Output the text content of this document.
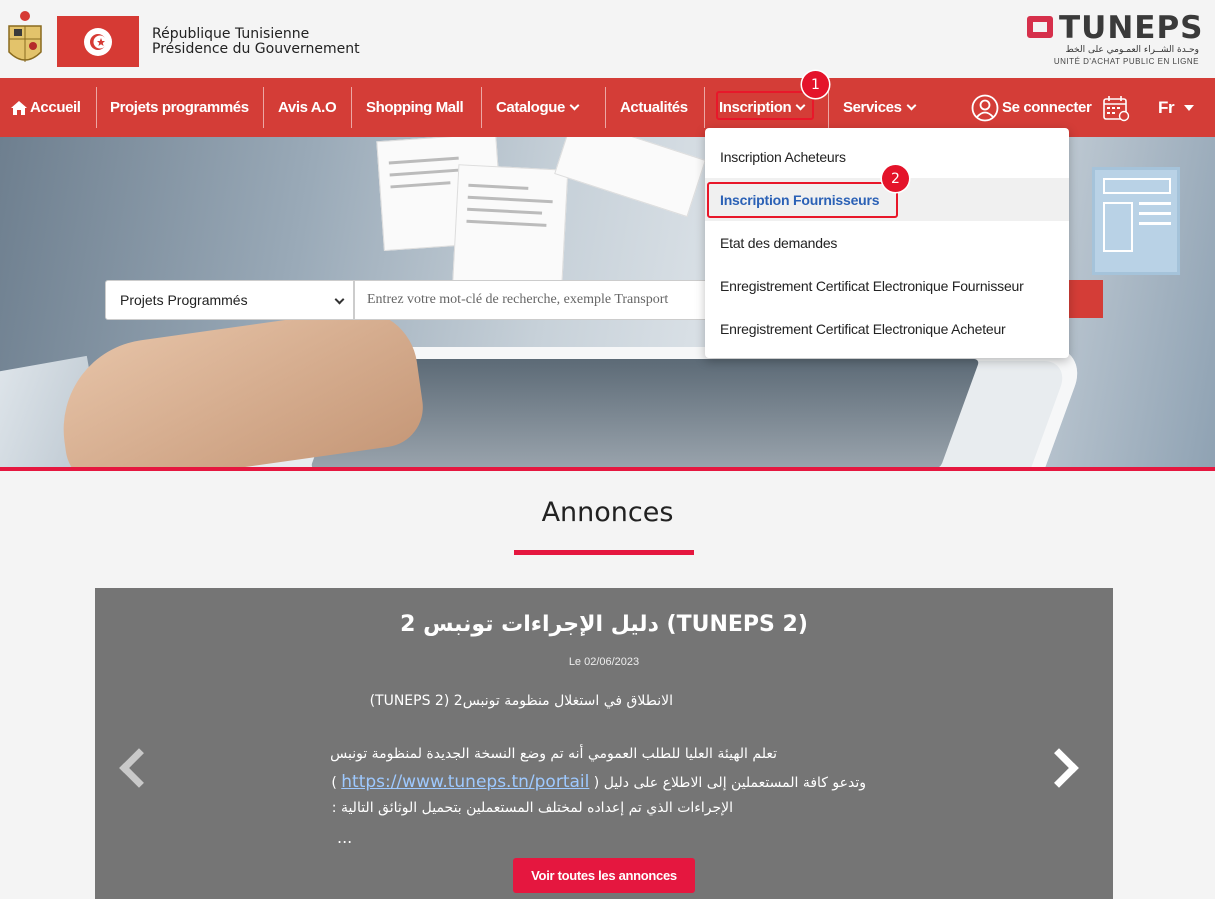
République Tunisienne
Présidence du Gouvernement
TUNEPS
وحـدة الشــراء العمـومي على الخط
UNITÉ D'ACHAT PUBLIC EN LIGNE
Accueil Projets programmés Avis A.O Shopping Mall Catalogue	Actualités Inscription	Services	Se connecter	Fr
Projets Programmés	Entrez votre mot-clé de recherche, exemple Transport
Inscription Acheteurs
Inscription Fournisseurs
Etat des demandes
Enregistrement Certificat Electronique Fournisseur
Enregistrement Certificat Electronique Acheteur
1
2
Annonces
دليل الإجراءات تونبس 2 (TUNEPS 2)
Le 02/06/2023
الانطلاق في استغلال منظومة تونبس2 (TUNEPS 2)
تعلم الهيئة العليا للطلب العمومي أنه تم وضع النسخة الجديدة لمنظومة تونبس
وتدعو كافة المستعملين إلى الاطلاع على دليل ( https://www.tuneps.tn/portail )
الإجراءات الذي تم إعداده لمختلف المستعملين بتحميل الوثائق التالية :
...
Voir toutes les annonces
